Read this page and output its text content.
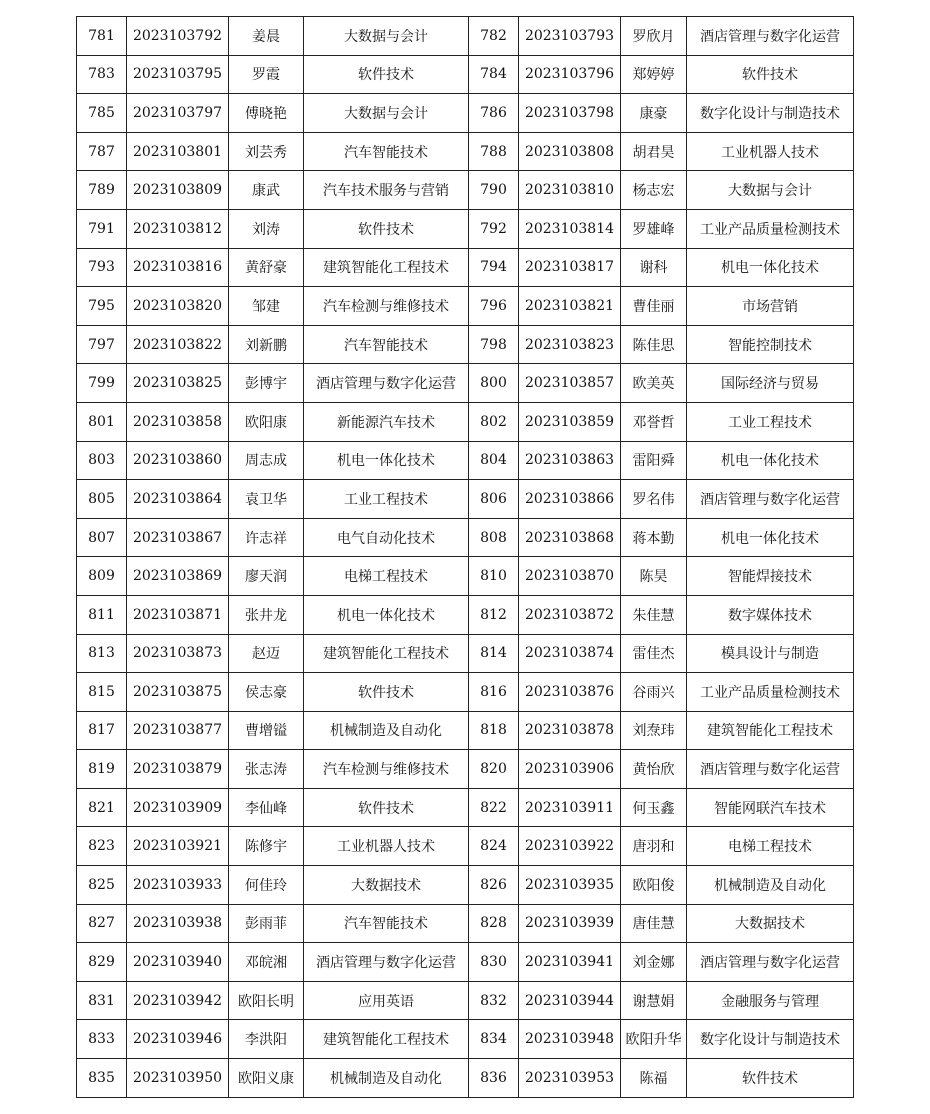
781	2023103792	姜晨	大数据与会计	782	2023103793	罗欣月	酒店管理与数字化运营
783	2023103795	罗霞	软件技术	784	2023103796	郑婷婷	软件技术
785	2023103797	傅晓艳	大数据与会计	786	2023103798	康豪	数字化设计与制造技术
787	2023103801	刘芸秀	汽车智能技术	788	2023103808	胡君昊	工业机器人技术
789	2023103809	康武	汽车技术服务与营销	790	2023103810	杨志宏	大数据与会计
791	2023103812	刘涛	软件技术	792	2023103814	罗雄峰	工业产品质量检测技术
793	2023103816	黄舒豪	建筑智能化工程技术	794	2023103817	谢科	机电一体化技术
795	2023103820	邹建	汽车检测与维修技术	796	2023103821	曹佳丽	市场营销
797	2023103822	刘新鹏	汽车智能技术	798	2023103823	陈佳思	智能控制技术
799	2023103825	彭博宇	酒店管理与数字化运营	800	2023103857	欧美英	国际经济与贸易
801	2023103858	欧阳康	新能源汽车技术	802	2023103859	邓誉哲	工业工程技术
803	2023103860	周志成	机电一体化技术	804	2023103863	雷阳舜	机电一体化技术
805	2023103864	袁卫华	工业工程技术	806	2023103866	罗名伟	酒店管理与数字化运营
807	2023103867	许志祥	电气自动化技术	808	2023103868	蒋本勤	机电一体化技术
809	2023103869	廖天润	电梯工程技术	810	2023103870	陈昊	智能焊接技术
811	2023103871	张井龙	机电一体化技术	812	2023103872	朱佳慧	数字媒体技术
813	2023103873	赵迈	建筑智能化工程技术	814	2023103874	雷佳杰	模具设计与制造
815	2023103875	侯志豪	软件技术	816	2023103876	谷雨兴	工业产品质量检测技术
817	2023103877	曹增镒	机械制造及自动化	818	2023103878	刘焘玮	建筑智能化工程技术
819	2023103879	张志涛	汽车检测与维修技术	820	2023103906	黄怡欣	酒店管理与数字化运营
821	2023103909	李仙峰	软件技术	822	2023103911	何玉鑫	智能网联汽车技术
823	2023103921	陈修宇	工业机器人技术	824	2023103922	唐羽和	电梯工程技术
825	2023103933	何佳玲	大数据技术	826	2023103935	欧阳俊	机械制造及自动化
827	2023103938	彭雨菲	汽车智能技术	828	2023103939	唐佳慧	大数据技术
829	2023103940	邓皖湘	酒店管理与数字化运营	830	2023103941	刘金娜	酒店管理与数字化运营
831	2023103942	欧阳长明	应用英语	832	2023103944	谢慧娟	金融服务与管理
833	2023103946	李洪阳	建筑智能化工程技术	834	2023103948	欧阳升华	数字化设计与制造技术
835	2023103950	欧阳义康	机械制造及自动化	836	2023103953	陈福	软件技术
